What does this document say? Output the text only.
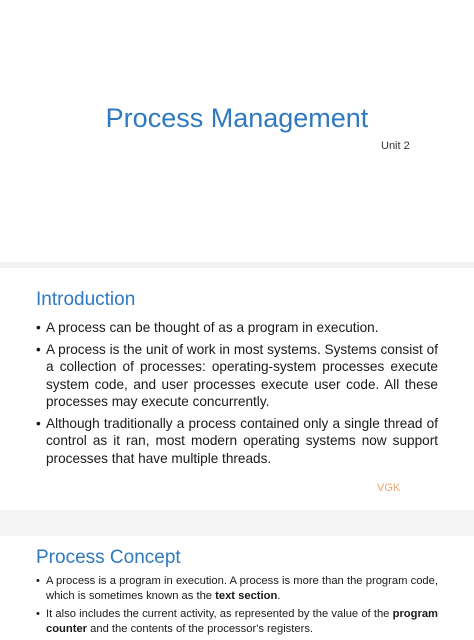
Process Management
Unit 2
Introduction
• A process can be thought of as a program in execution.
• A process is the unit of work in most systems. Systems consist of a collection of processes: operating-system processes execute system code, and user processes execute user code. All these processes may execute concurrently.
• Although traditionally a process contained only a single thread of control as it ran, most modern operating systems now support processes that have multiple threads.
VGK
Process Concept
• A process is a program in execution. A process is more than the program code, which is sometimes known as the text section.
• It also includes the current activity, as represented by the value of the program counter and the contents of the processor's registers.
